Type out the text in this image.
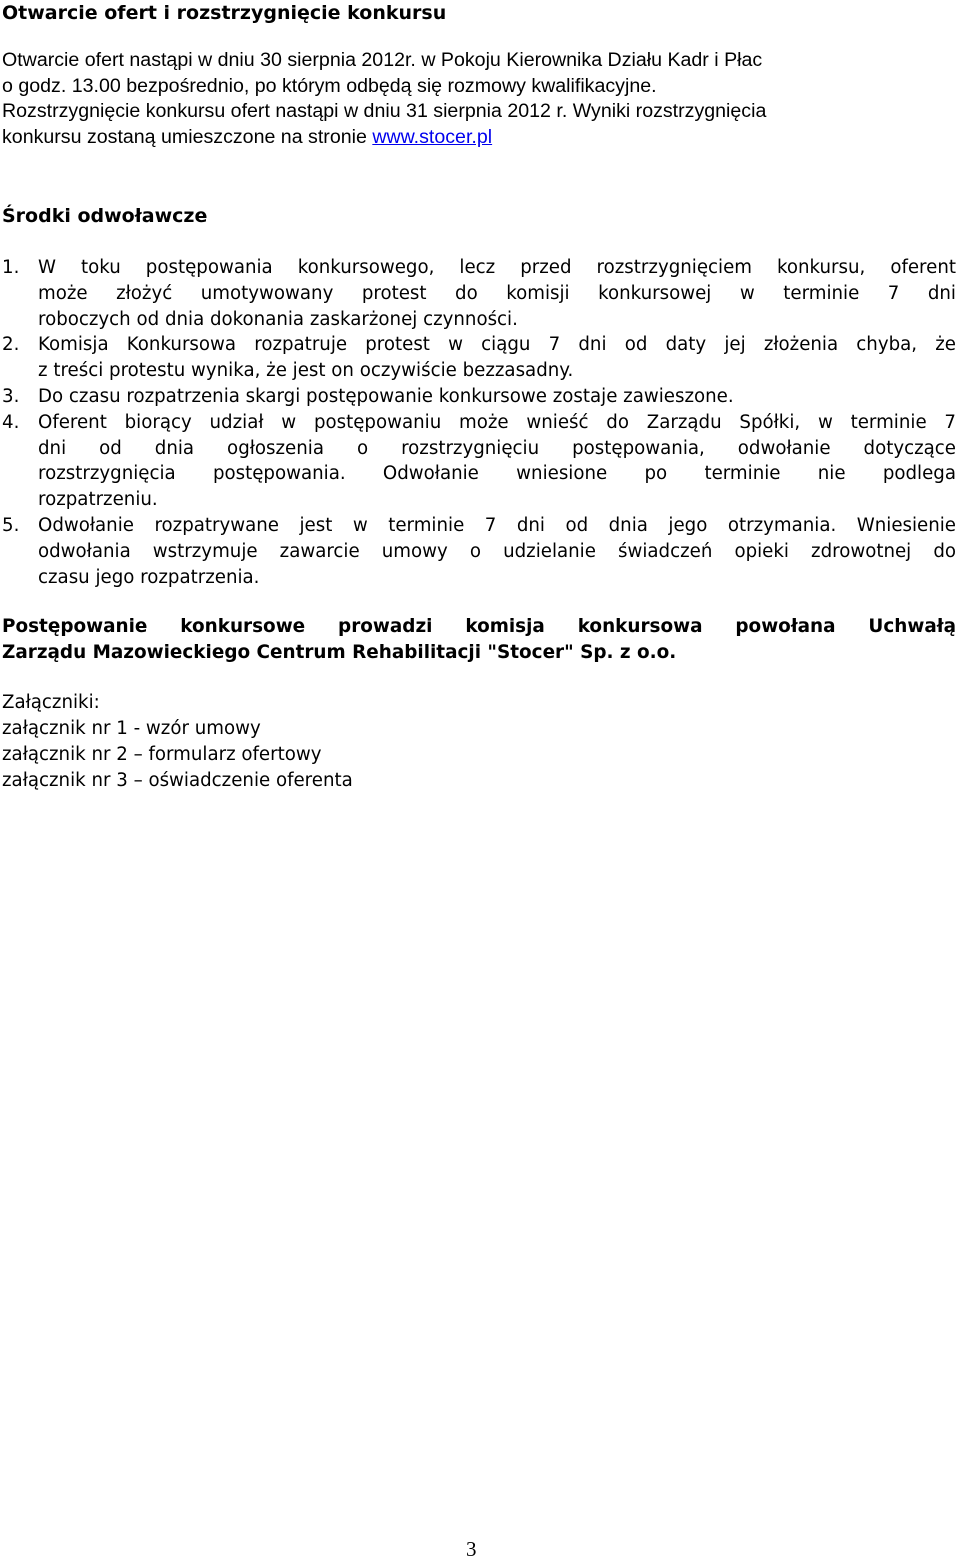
Otwarcie ofert i rozstrzygnięcie konkursu
Otwarcie ofert nastąpi w dniu 30 sierpnia 2012r. w Pokoju Kierownika Działu Kadr i Płac
o godz. 13.00 bezpośrednio, po którym odbędą się rozmowy kwalifikacyjne.
Rozstrzygnięcie konkursu ofert nastąpi w dniu 31 sierpnia 2012 r. Wyniki rozstrzygnięcia
konkursu zostaną umieszczone na stronie www.stocer.pl
Środki odwoławcze
1.	W toku postępowania konkursowego, lecz przed rozstrzygnięciem konkursu, oferent
może złożyć umotywowany protest do komisji konkursowej w terminie 7 dni
roboczych od dnia dokonania zaskarżonej czynności.
2.	Komisja Konkursowa rozpatruje protest w ciągu 7 dni od daty jej złożenia chyba, że
z treści protestu wynika, że jest on oczywiście bezzasadny.
3.	Do czasu rozpatrzenia skargi postępowanie konkursowe zostaje zawieszone.
4.	Oferent biorący udział w postępowaniu może wnieść do Zarządu Spółki, w terminie 7
dni od dnia ogłoszenia o rozstrzygnięciu postępowania, odwołanie dotyczące
rozstrzygnięcia postępowania. Odwołanie wniesione po terminie nie podlega
rozpatrzeniu.
5.	Odwołanie rozpatrywane jest w terminie 7 dni od dnia jego otrzymania. Wniesienie
odwołania wstrzymuje zawarcie umowy o udzielanie świadczeń opieki zdrowotnej do
czasu jego rozpatrzenia.
Postępowanie konkursowe prowadzi komisja konkursowa powołana Uchwałą
Zarządu Mazowieckiego Centrum Rehabilitacji "Stocer" Sp. z o.o.
Załączniki:
załącznik nr 1 - wzór umowy
załącznik nr 2 – formularz ofertowy
załącznik nr 3 – oświadczenie oferenta
3
